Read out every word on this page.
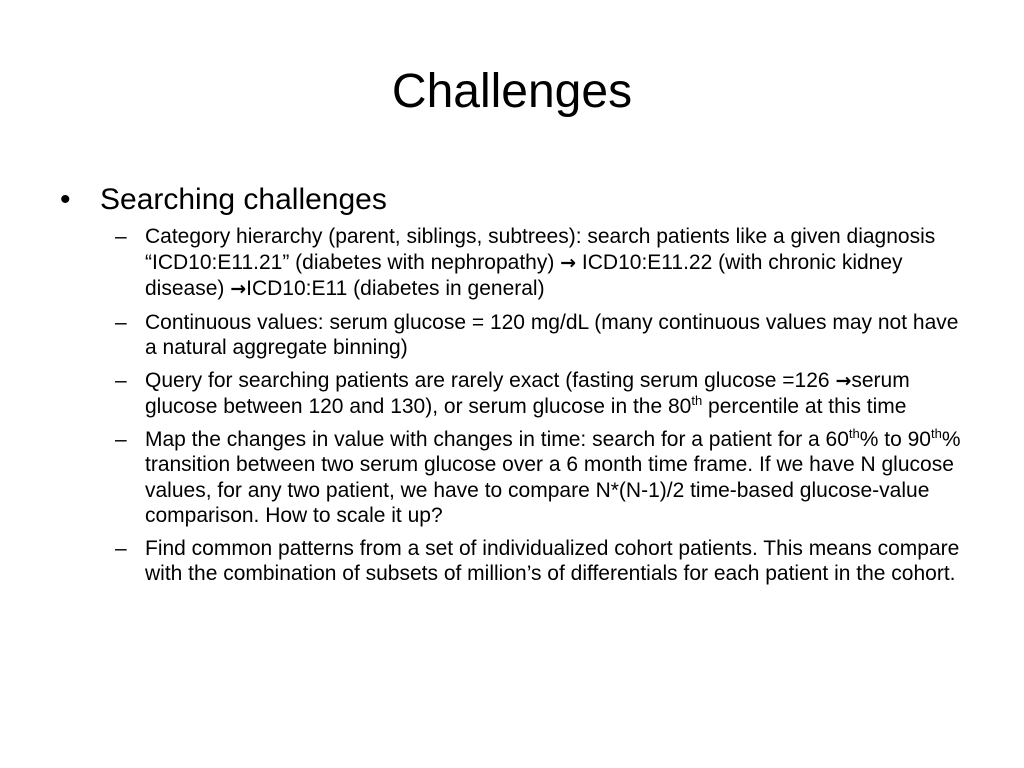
Challenges
• Searching challenges
– Category hierarchy (parent, siblings, subtrees): search patients like a given diagnosis “ICD10:E11.21” (diabetes with nephropathy) → ICD10:E11.22 (with chronic kidney disease) →ICD10:E11 (diabetes in general)
– Continuous values: serum glucose = 120 mg/dL (many continuous values may not have a natural aggregate binning)
– Query for searching patients are rarely exact (fasting serum glucose =126 →serum glucose between 120 and 130), or serum glucose in the 80th percentile at this time
– Map the changes in value with changes in time: search for a patient for a 60th% to 90th% transition between two serum glucose over a 6 month time frame. If we have N glucose values, for any two patient, we have to compare N*(N-1)/2 time-based glucose-value comparison. How to scale it up?
– Find common patterns from a set of individualized cohort patients. This means compare with the combination of subsets of million’s of differentials for each patient in the cohort.
